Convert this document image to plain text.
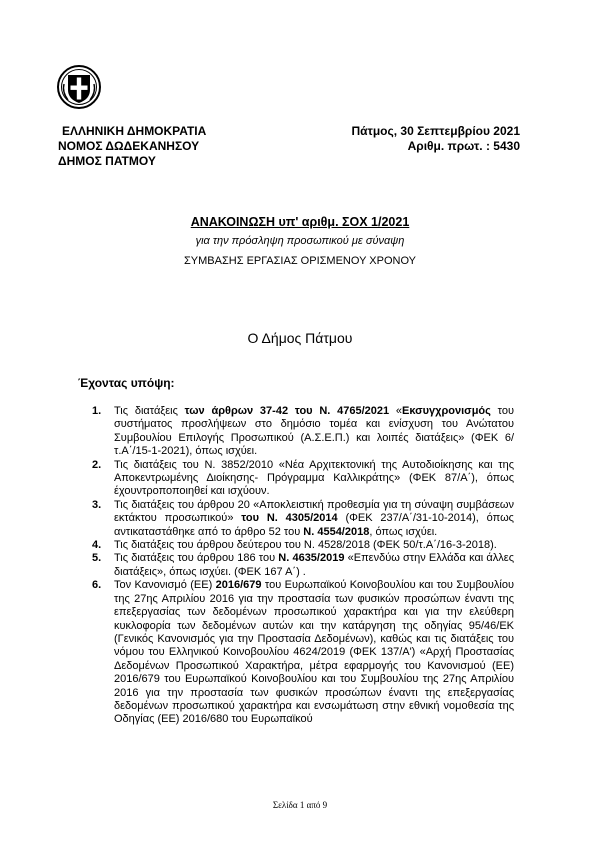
ΕΛΛΗΝΙΚΗ ΔΗΜΟΚΡΑΤΙΑ
ΝΟΜΟΣ ΔΩΔΕΚΑΝΗΣΟΥ
ΔΗΜΟΣ ΠΑΤΜΟΥ
Πάτμος, 30 Σεπτεμβρίου 2021
Αριθμ. πρωτ. : 5430
ΑΝΑΚΟΙΝΩΣΗ υπ' αριθμ. ΣΟΧ 1/2021
για την πρόσληψη προσωπικού με σύναψη
ΣΥΜΒΑΣΗΣ ΕΡΓΑΣΙΑΣ ΟΡΙΣΜΕΝΟΥ ΧΡΟΝΟΥ
Ο Δήμος Πάτμου
Έχοντας υπόψη:
1. Τις διατάξεις των άρθρων 37-42 του Ν. 4765/2021 «Εκσυγχρονισμός του συστήματος προσλήψεων στο δημόσιο τομέα και ενίσχυση του Ανώτατου Συμβουλίου Επιλογής Προσωπικού (Α.Σ.Ε.Π.) και λοιπές διατάξεις» (ΦΕΚ 6/τ.Α΄/15-1-2021), όπως ισχύει.
2. Τις διατάξεις του Ν. 3852/2010 «Νέα Αρχιτεκτονική της Αυτοδιοίκησης και της Αποκεντρωμένης Διοίκησης- Πρόγραμμα Καλλικράτης» (ΦΕΚ 87/Α΄), όπως έχουντροποποιηθεί και ισχύουν.
3. Τις διατάξεις του άρθρου 20 «Αποκλειστική προθεσμία για τη σύναψη συμβάσεων εκτάκτου προσωπικού» του Ν. 4305/2014 (ΦΕΚ 237/Α΄/31-10-2014), όπως αντικαταστάθηκε από το άρθρο 52 του Ν. 4554/2018, όπως ισχύει.
4. Τις διατάξεις του άρθρου δεύτερου του Ν. 4528/2018 (ΦΕΚ 50/τ.Α΄/16-3-2018).
5. Τις διατάξεις του άρθρου 186 του Ν. 4635/2019 «Επενδύω στην Ελλάδα και άλλες διατάξεις», όπως ισχύει. (ΦΕΚ 167 Α΄) .
6. Τον Κανονισμό (ΕΕ) 2016/679 του Ευρωπαϊκού Κοινοβουλίου και του Συμβουλίου της 27ης Απριλίου 2016 για την προστασία των φυσικών προσώπων έναντι της επεξεργασίας των δεδομένων προσωπικού χαρακτήρα και για την ελεύθερη κυκλοφορία των δεδομένων αυτών και την κατάργηση της οδηγίας 95/46/ΕΚ (Γενικός Κανονισμός για την Προστασία Δεδομένων), καθώς και τις διατάξεις του νόμου του Ελληνικού Κοινοβουλίου 4624/2019 (ΦΕΚ 137/Α') «Αρχή Προστασίας Δεδομένων Προσωπικού Χαρακτήρα, μέτρα εφαρμογής του Κανονισμού (ΕΕ) 2016/679 του Ευρωπαϊκού Κοινοβουλίου και του Συμβουλίου της 27ης Απριλίου 2016 για την προστασία των φυσικών προσώπων έναντι της επεξεργασίας δεδομένων προσωπικού χαρακτήρα και ενσωμάτωση στην εθνική νομοθεσία της Οδηγίας (ΕΕ) 2016/680 του Ευρωπαϊκού
Σελίδα 1 από 9
